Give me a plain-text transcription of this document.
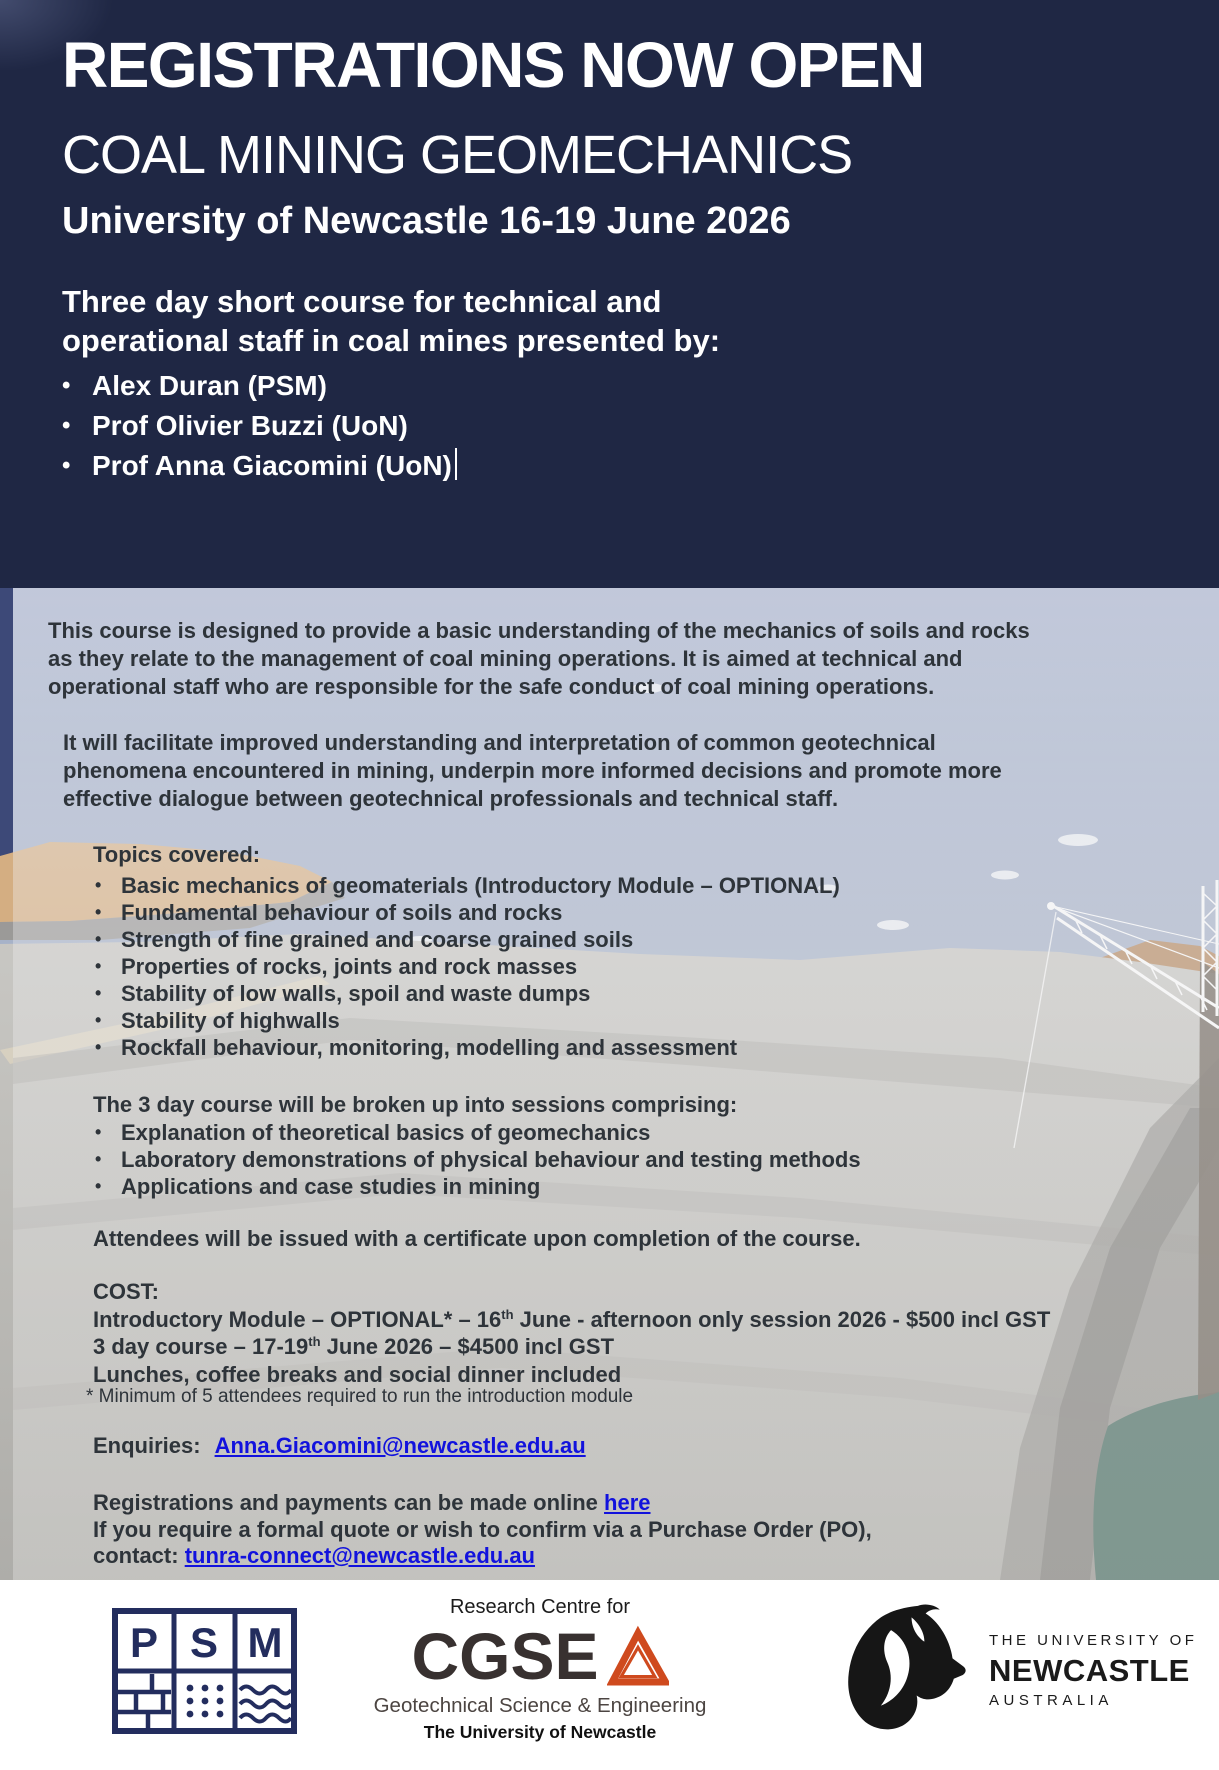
REGISTRATIONS NOW OPEN
COAL MINING GEOMECHANICS
University of Newcastle 16-19 June 2026

Three day short course for technical and operational staff in coal mines presented by:

• Alex Duran (PSM)
• Prof Olivier Buzzi (UoN)
• Prof Anna Giacomini (UoN)

This course is designed to provide a basic understanding of the mechanics of soils and rocks as they relate to the management of coal mining operations. It is aimed at technical and operational staff who are responsible for the safe conduct of coal mining operations.

It will facilitate improved understanding and interpretation of common geotechnical phenomena encountered in mining, underpin more informed decisions and promote more effective dialogue between geotechnical professionals and technical staff.

Topics covered:
• Basic mechanics of geomaterials (Introductory Module – OPTIONAL)
• Fundamental behaviour of soils and rocks
• Strength of fine grained and coarse grained soils
• Properties of rocks, joints and rock masses
• Stability of low walls, spoil and waste dumps
• Stability of highwalls
• Rockfall behaviour, monitoring, modelling and assessment
The 3 day course will be broken up into sessions comprising:
• Explanation of theoretical basics of geomechanics
• Laboratory demonstrations of physical behaviour and testing methods
• Applications and case studies in mining

Attendees will be issued with a certificate upon completion of the course.

COST:
Introductory Module – OPTIONAL* – 16th June - afternoon only session 2026 - $500 incl GST
3 day course – 17-19th June 2026 – $4500 incl GST
Lunches, coffee breaks and social dinner included

* Minimum of 5 attendees required to run the introduction module

Enquiries: Anna.Giacomini@newcastle.edu.au

Registrations and payments can be made online here
If you require a formal quote or wish to confirm via a Purchase Order (PO),
contact: tunra-connect@newcastle.edu.au
P S M
Research Centre for
CGSE
Geotechnical Science & Engineering
The University of Newcastle
THE UNIVERSITY OF
NEWCASTLE
AUSTRALIA
